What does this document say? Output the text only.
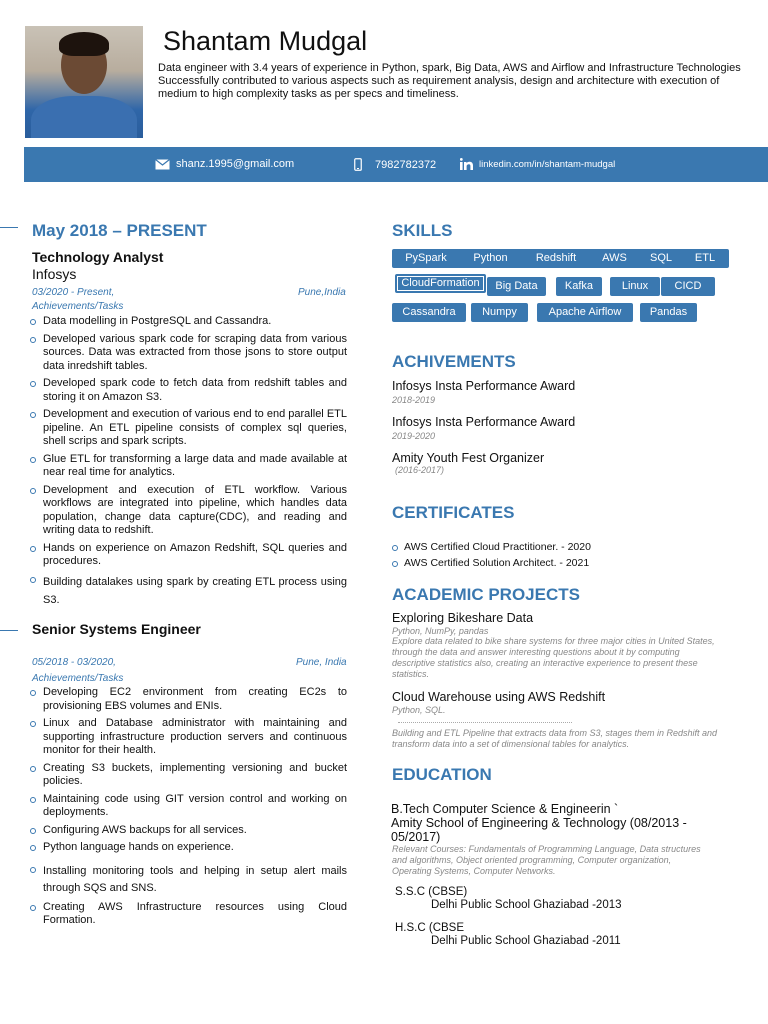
Shantam Mudgal
Data engineer with 3.4 years of experience in Python, spark, Big Data, AWS and Airflow and Infrastructure Technologies Successfully contributed to various aspects such as requirement analysis, design and architecture with execution of medium to high complexity tasks as per specs and timeliness.
shanz.1995@gmail.com	7982782372	linkedin.com/in/shantam-mudgal
May 2018 – PRESENT
Technology Analyst
Infosys
03/2020 - Present,	Pune,India
Achievements/Tasks
Data modelling in PostgreSQL and Cassandra.
Developed various spark code for scraping data from various sources. Data was extracted from those jsons to store output data inredshift tables.
Developed spark code to fetch data from redshift tables and storing it on Amazon S3.
Development and execution of various end to end parallel ETL pipeline. An ETL pipeline consists of complex sql queries, shell scrips and spark scripts.
Glue ETL for transforming a large data and made available at near real time for analytics.
Development and execution of ETL workflow. Various workflows are integrated into pipeline, which handles data population, change data capture(CDC), and reading and writing data to redshift.
Hands on experience on Amazon Redshift, SQL queries and procedures.
Building datalakes using spark by creating ETL process using S3.
Senior Systems Engineer
05/2018 - 03/2020,	Pune, India
Achievements/Tasks
Developing EC2 environment from creating EC2s to provisioning EBS volumes and ENIs.
Linux and Database administrator with maintaining and supporting infrastructure production servers and continuous monitor for their health.
Creating S3 buckets, implementing versioning and bucket policies.
Maintaining code using GIT version control and working on deployments.
Configuring AWS backups for all services.
Python language hands on experience.
Installing monitoring tools and helping in setup alert mails through SQS and SNS.
Creating AWS Infrastructure resources using Cloud Formation.
SKILLS
PySpark	Python	Redshift	AWS	SQL	ETL
CloudFormation	Big Data	Kafka	Linux	CICD
Cassandra	Numpy	Apache Airflow	Pandas
ACHIVEMENTS
Infosys Insta Performance Award
2018-2019
Infosys Insta Performance Award
2019-2020
Amity Youth Fest Organizer
(2016-2017)
CERTIFICATES
AWS Certified Cloud Practitioner. - 2020
AWS Certified Solution Architect. - 2021
ACADEMIC PROJECTS
Exploring Bikeshare Data
Python, NumPy, pandas
Explore data related to bike share systems for three major cities in United States, through the data and answer interesting questions about it by computing descriptive statistics also, creating an interactive experience to present these statistics.
Cloud Warehouse using AWS Redshift
Python, SQL.
Building and ETL Pipeline that extracts data from S3, stages them in Redshift and transform data into a set of dimensional tables for analytics.
EDUCATION
B.Tech Computer Science & Engineerin `
Amity School of Engineering & Technology (08/2013 - 05/2017)
Relevant Courses: Fundamentals of Programming Language, Data structures and algorithms, Object oriented programming, Computer organization, Operating Systems, Computer Networks.
S.S.C (CBSE)
Delhi Public School Ghaziabad -2013
H.S.C (CBSE
Delhi Public School Ghaziabad -2011
